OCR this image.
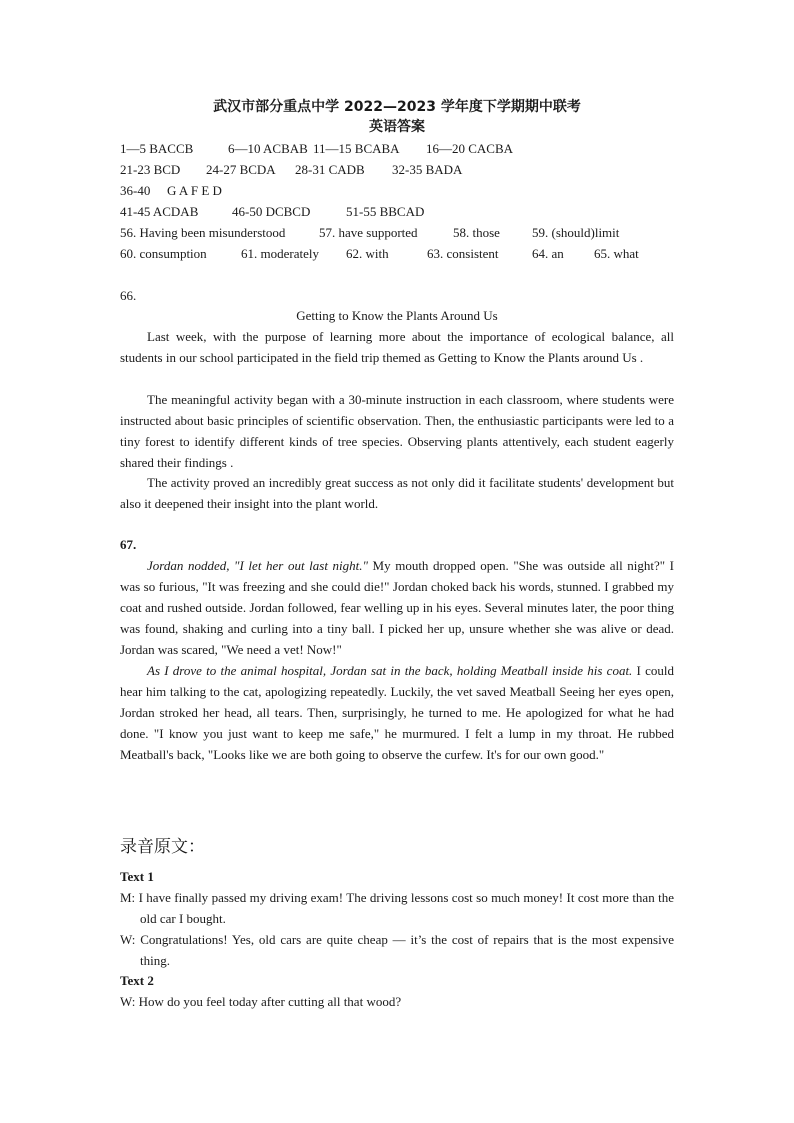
武汉市部分重点中学 2022—2023 学年度下学期期中联考
英语答案
1—5 BACCB	6—10 ACBAB 11—15 BCABA 16—20 CACBA
21-23 BCD 24-27 BCDA 28-31 CADB 32-35 BADA
36-40 G A F E D
41-45 ACDAB	46-50 DCBCD	51-55 BBCAD
56. Having been misunderstood	57. have supported	58. those 59. (should)limit
60. consumption	61. moderately 62. with	63. consistent	64. an 65. what
66.
Getting to Know the Plants Around Us
Last week, with the purpose of learning more about the importance of ecological balance, all students in our school participated in the field trip themed as Getting to Know the Plants around Us .
The meaningful activity began with a 30-minute instruction in each classroom, where students were instructed about basic principles of scientific observation. Then, the enthusiastic participants were led to a tiny forest to identify different kinds of tree species. Observing plants attentively, each student eagerly shared their findings .
The activity proved an incredibly great success as not only did it facilitate students' development but also it deepened their insight into the plant world.
67.
Jordan nodded, "I let her out last night." My mouth dropped open. "She was outside all night?" I was so furious, "It was freezing and she could die!" Jordan choked back his words, stunned. I grabbed my coat and rushed outside. Jordan followed, fear welling up in his eyes. Several minutes later, the poor thing was found, shaking and curling into a tiny ball. I picked her up, unsure whether she was alive or dead. Jordan was scared, "We need a vet! Now!"
As I drove to the animal hospital, Jordan sat in the back, holding Meatball inside his coat. I could hear him talking to the cat, apologizing repeatedly. Luckily, the vet saved Meatball Seeing her eyes open, Jordan stroked her head, all tears. Then, surprisingly, he turned to me. He apologized for what he had done. "I know you just want to keep me safe," he murmured. I felt a lump in my throat. He rubbed Meatball's back, "Looks like we are both going to observe the curfew. It's for our own good."
录音原文：
Text 1
M: I have finally passed my driving exam! The driving lessons cost so much money! It cost more than the old car I bought.
W: Congratulations! Yes, old cars are quite cheap — it’s the cost of repairs that is the most expensive thing.
Text 2
W: How do you feel today after cutting all that wood?
